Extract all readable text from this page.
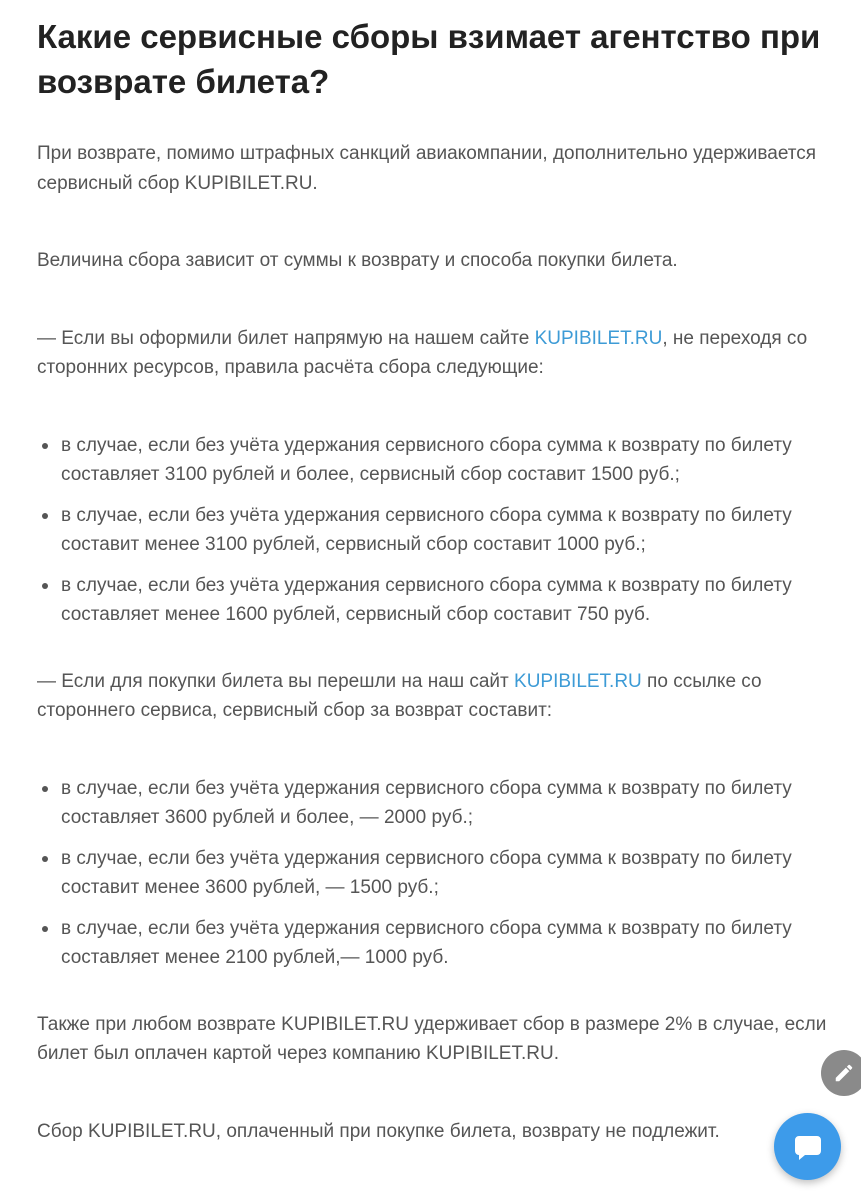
Какие сервисные сборы взимает агентство при возврате билета?

При возврате, помимо штрафных санкций авиакомпании, дополнительно удерживается сервисный сбор KUPIBILET.RU.

Величина сбора зависит от суммы к возврату и способа покупки билета.

— Если вы оформили билет напрямую на нашем сайте KUPIBILET.RU, не переходя со сторонних ресурсов, правила расчёта сбора следующие:

в случае, если без учёта удержания сервисного сбора сумма к возврату по билету составляет 3100 рублей и более, сервисный сбор составит 1500 руб.;
в случае, если без учёта удержания сервисного сбора сумма к возврату по билету составит менее 3100 рублей, сервисный сбор составит 1000 руб.;
в случае, если без учёта удержания сервисного сбора сумма к возврату по билету составляет менее 1600 рублей, сервисный сбор составит 750 руб.

— Если для покупки билета вы перешли на наш сайт KUPIBILET.RU по ссылке со стороннего сервиса, сервисный сбор за возврат составит:

в случае, если без учёта удержания сервисного сбора сумма к возврату по билету составляет 3600 рублей и более, — 2000 руб.;
в случае, если без учёта удержания сервисного сбора сумма к возврату по билету составит менее 3600 рублей, — 1500 руб.;
в случае, если без учёта удержания сервисного сбора сумма к возврату по билету составляет менее 2100 рублей,— 1000 руб.

Также при любом возврате KUPIBILET.RU удерживает сбор в размере 2% в случае, если билет был оплачен картой через компанию KUPIBILET.RU.

Сбор KUPIBILET.RU, оплаченный при покупке билета, возврату не подлежит.
